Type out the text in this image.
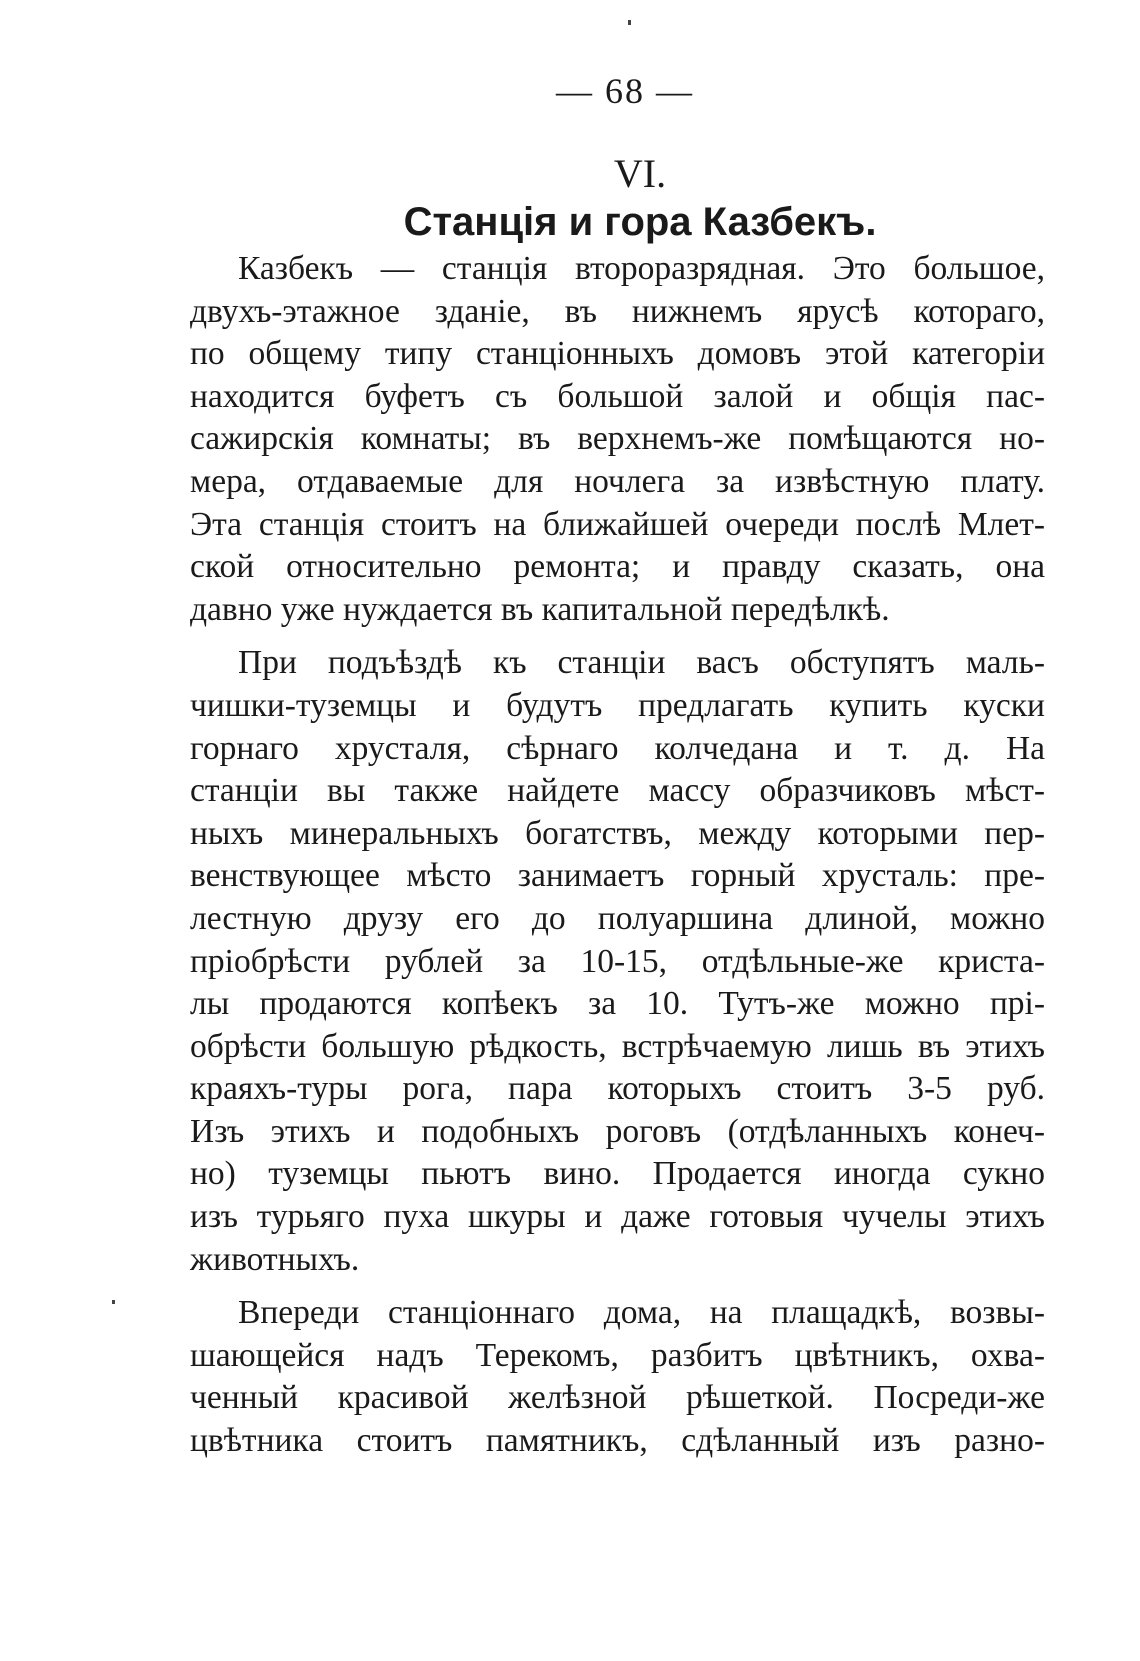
— 68 —
VI.
Станція и гора Казбекъ.
Казбекъ — станція второразрядная. Это большое,
двухъ-этажное зданіе, въ нижнемъ ярусѣ котораго,
по общему типу станціонныхъ домовъ этой категоріи
находится буфетъ съ большой залой и общія пас-
сажирскія комнаты; въ верхнемъ-же помѣщаются но-
мера, отдаваемые для ночлега за извѣстную плату.
Эта станція стоитъ на ближайшей очереди послѣ Млет-
ской относительно ремонта; и правду сказать, она
давно уже нуждается въ капитальной передѣлкѣ.
При подъѣздѣ къ станціи васъ обступятъ маль-
чишки-туземцы и будутъ предлагать купить куски
горнаго хрусталя, сѣрнаго колчедана и т. д. На
станціи вы также найдете массу образчиковъ мѣст-
ныхъ минеральныхъ богатствъ, между которыми пер-
венствующее мѣсто занимаетъ горный хрусталь: пре-
лестную друзу его до полуаршина длиной, можно
пріобрѣсти рублей за 10-15, отдѣльные-же криста-
лы продаются копѣекъ за 10. Тутъ-же можно прі-
обрѣсти большую рѣдкость, встрѣчаемую лишь въ этихъ
краяхъ-туры рога, пара которыхъ стоитъ 3-5 руб.
Изъ этихъ и подобныхъ роговъ (отдѣланныхъ конеч-
но) туземцы пьютъ вино. Продается иногда сукно
изъ турьяго пуха шкуры и даже готовыя чучелы этихъ
животныхъ.
Впереди станціоннаго дома, на плащадкѣ, возвы-
шающейся надъ Терекомъ, разбитъ цвѣтникъ, охва-
ченный красивой желѣзной рѣшеткой. Посреди-же
цвѣтника стоитъ памятникъ, сдѣланный изъ разно-
